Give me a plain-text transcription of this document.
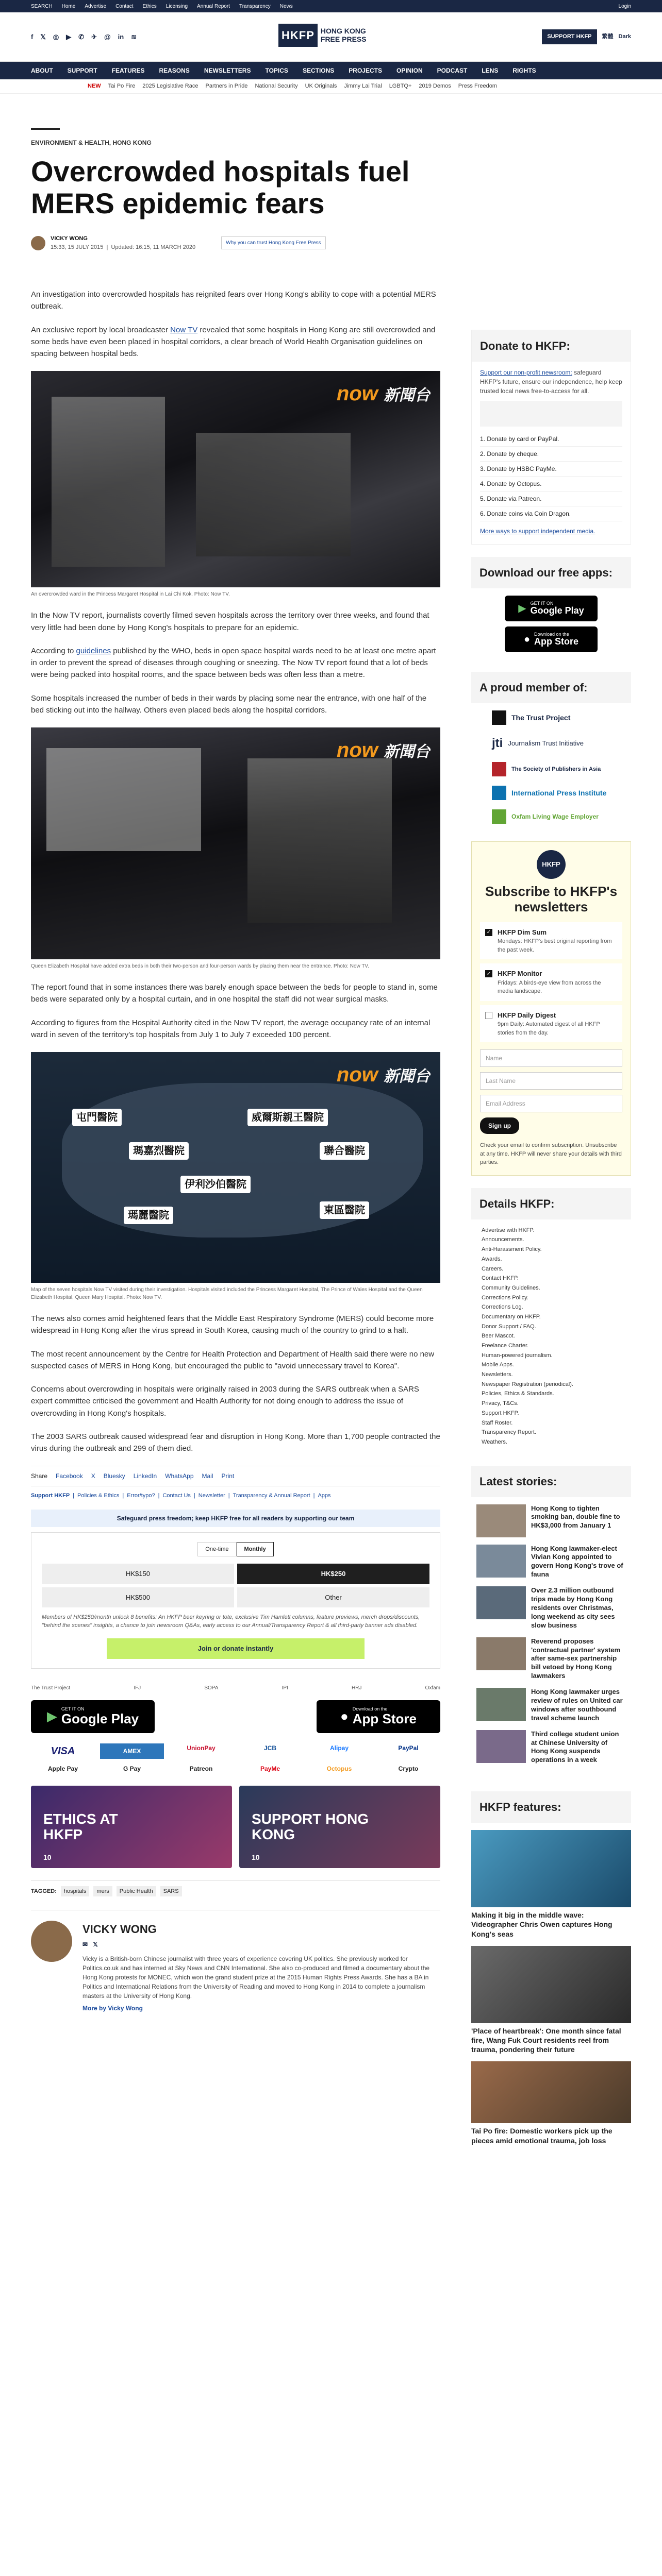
SEARCH Home Advertise Contact Ethics Licensing Annual Report Transparency News	Login
f 𝕏 ◎ ▶ ✆ ✈ @ in ≋	HKFP HONG KONG
FREE PRESS	SUPPORT HKFP	繁體 Dark
ABOUT SUPPORT FEATURES REASONS NEWSLETTERS TOPICS SECTIONS PROJECTS OPINION PODCAST LENS RIGHTS
NEW Tai Po Fire 2025 Legislative Race Partners in Pride National Security UK Originals Jimmy Lai Trial LGBTQ+ 2019 Demos Press Freedom
ENVIRONMENT & HEALTH, HONG KONG
Overcrowded hospitals fuel MERS epidemic fears
VICKY WONG
15:33, 15 JULY 2015  |  Updated: 16:15, 11 MARCH 2020
Why you can trust Hong Kong Free Press

An investigation into overcrowded hospitals has reignited fears over Hong Kong's ability to cope with a potential MERS outbreak.

An exclusive report by local broadcaster Now TV revealed that some hospitals in Hong Kong are still overcrowded and some beds have even been placed in hospital corridors, a clear breach of World Health Organisation guidelines on spacing between hospital beds.

now 新聞台
An overcrowded ward in the Princess Margaret Hospital in Lai Chi Kok. Photo: Now TV.

In the Now TV report, journalists covertly filmed seven hospitals across the territory over three weeks, and found that very little had been done by Hong Kong's hospitals to prepare for an epidemic.

According to guidelines published by the WHO, beds in open space hospital wards need to be at least one metre apart in order to prevent the spread of diseases through coughing or sneezing. The Now TV report found that a lot of beds were being packed into hospital rooms, and the space between beds was often less than a metre.

Some hospitals increased the number of beds in their wards by placing some near the entrance, with one half of the bed sticking out into the hallway. Others even placed beds along the hospital corridors.

now 新聞台
Queen Elizabeth Hospital have added extra beds in both their two-person and four-person wards by placing them near the entrance. Photo: Now TV.

The report found that in some instances there was barely enough space between the beds for people to stand in, some beds were separated only by a hospital curtain, and in one hospital the staff did not wear surgical masks.

According to figures from the Hospital Authority cited in the Now TV report, the average occupancy rate of an internal ward in seven of the territory's top hospitals from July 1 to July 7 exceeded 100 percent.

now 新聞台
屯門醫院	威爾斯親王醫院
瑪嘉烈醫院	聯合醫院
伊利沙伯醫院
瑪麗醫院	東區醫院
Map of the seven hospitals Now TV visited during their investigation. Hospitals visited included the Princess Margaret Hospital, The Prince of Wales Hospital and the Queen Elizabeth Hospital, Queen Mary Hospital. Photo: Now TV.

The news also comes amid heightened fears that the Middle East Respiratory Syndrome (MERS) could become more widespread in Hong Kong after the virus spread in South Korea, causing much of the country to grind to a halt.

The most recent announcement by the Centre for Health Protection and Department of Health said there were no new suspected cases of MERS in Hong Kong, but encouraged the public to "avoid unnecessary travel to Korea".

Concerns about overcrowding in hospitals were originally raised in 2003 during the SARS outbreak when a SARS expert committee criticised the government and Health Authority for not doing enough to address the issue of overcrowding in Hong Kong's hospitals.

The 2003 SARS outbreak caused widespread fear and disruption in Hong Kong. More than 1,700 people contracted the virus during the outbreak and 299 of them died.

Share Facebook X Bluesky LinkedIn WhatsApp Mail Print
Support HKFP | Policies & Ethics | Error/typo? | Contact Us | Newsletter | Transparency & Annual Report | Apps
Safeguard press freedom; keep HKFP free for all readers by supporting our team
One-time	Monthly
HK$150	HK$250
HK$500	Other
Members of HK$250/month unlock 8 benefits: An HKFP beer keyring or tote, exclusive Tim Hamlett columns, feature previews, merch drops/discounts, "behind the scenes" insights, a chance to join newsroom Q&As, early access to our Annual/Transparency Report & all third-party banner ads disabled.
Join or donate instantly
The Trust Project	IFJ	SOPA	IPI	HRJ	Oxfam
▶ GET IT ON
Google Play	● Download on the
App Store
VISA	AMEX	UnionPay	JCB	Alipay	PayPal
Apple Pay	G Pay	Patreon	PayMe	Octopus	Crypto
ETHICS AT HKFP
10
SUPPORT HONG KONG
10
TAGGED:	hospitals	mers	Public Health	SARS
VICKY WONG
✉ 𝕏
Vicky is a British-born Chinese journalist with three years of experience covering UK politics. She previously worked for Politics.co.uk and has interned at Sky News and CNN International. She also co-produced and filmed a documentary about the Hong Kong protests for MONEC, which won the grand student prize at the 2015 Human Rights Press Awards. She has a BA in Politics and International Relations from the University of Reading and moved to Hong Kong in 2014 to complete a journalism masters at the University of Hong Kong.
More by Vicky Wong
Donate to HKFP:
Support our non-profit newsroom: safeguard HKFP's future, ensure our independence, help keep trusted local news free-to-access for all.
1. Donate by card or PayPal.
2. Donate by cheque.
3. Donate by HSBC PayMe.
4. Donate by Octopus.
5. Donate via Patreon.
6. Donate coins via Coin Dragon.
More ways to support independent media.
Download our free apps:
▶ GET IT ON
Google Play
● Download on the
App Store
A proud member of:
The Trust Project
jti Journalism Trust Initiative
The Society of Publishers in Asia
International Press Institute
Oxfam Living Wage Employer
HKFP
Subscribe to HKFP's newsletters
✓ HKFP Dim Sum
Mondays: HKFP's best original reporting from the past week.
✓ HKFP Monitor
Fridays: A birds-eye view from across the media landscape.
HKFP Daily Digest
9pm Daily: Automated digest of all HKFP stories from the day.
Name
Last Name
Email Address
Sign up
Check your email to confirm subscription. Unsubscribe at any time. HKFP will never share your details with third parties.
Details HKFP:
Advertise with HKFP.
Announcements.
Anti-Harassment Policy.
Awards.
Careers.
Contact HKFP.
Community Guidelines.
Corrections Policy.
Corrections Log.
Documentary on HKFP.
Donor Support / FAQ.
Beer Mascot.
Freelance Charter.
Human-powered journalism.
Mobile Apps.
Newsletters.
Newspaper Registration (periodical).
Policies, Ethics & Standards.
Privacy, T&Cs.
Support HKFP.
Staff Roster.
Transparency Report.
Weathers.
Latest stories:
Hong Kong to tighten smoking ban, double fine to HK$3,000 from January 1
Hong Kong lawmaker-elect Vivian Kong appointed to govern Hong Kong's trove of fauna
Over 2.3 million outbound trips made by Hong Kong residents over Christmas, long weekend as city sees slow business
Reverend proposes 'contractual partner' system after same-sex partnership bill vetoed by Hong Kong lawmakers
Hong Kong lawmaker urges review of rules on United car windows after southbound travel scheme launch
Third college student union at Chinese University of Hong Kong suspends operations in a week
HKFP features:
Making it big in the middle wave: Videographer Chris Owen captures Hong Kong's seas
'Place of heartbreak': One month since fatal fire, Wang Fuk Court residents reel from trauma, pondering their future
Tai Po fire: Domestic workers pick up the pieces amid emotional trauma, job loss
